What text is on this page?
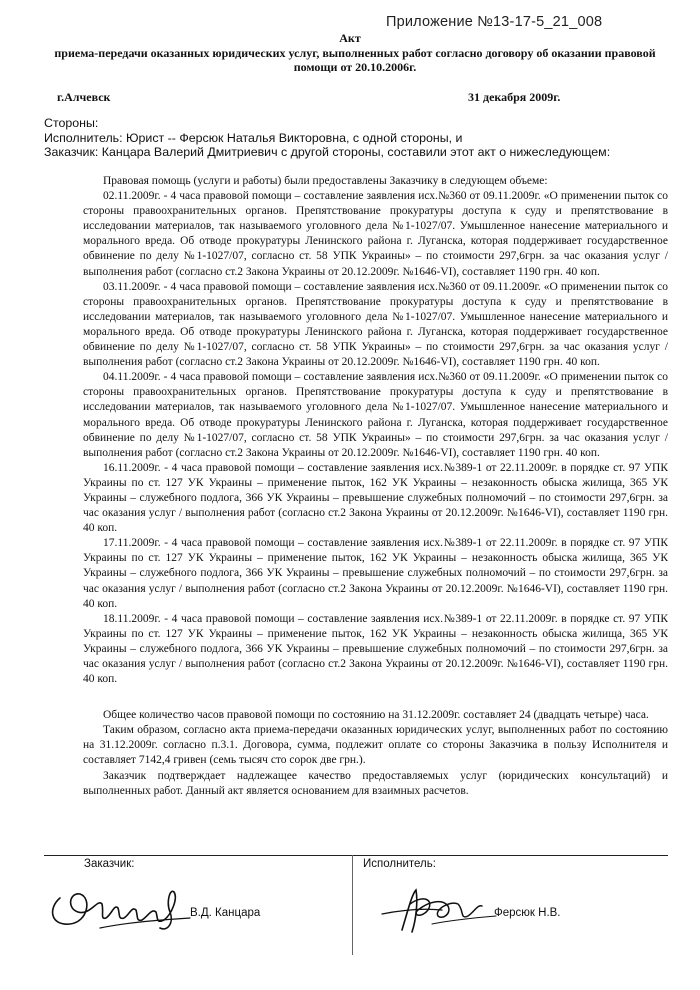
Приложение №13-17-5_21_008
Акт
приема-передачи оказанных юридических услуг, выполненных работ согласно договору об оказании правовой помощи от 20.10.2006г.
г.Алчевск	31 декабря 2009г.
Стороны:
Исполнитель: Юрист -- Ферсюк Наталья Викторовна, с одной стороны, и
Заказчик: Канцара Валерий Дмитриевич с другой стороны, составили этот акт о нижеследующем:

Правовая помощь (услуги и работы) были предоставлены Заказчику в следующем объеме:

02.11.2009г. - 4 часа правовой помощи – составление заявления исх.№360 от 09.11.2009г. «О применении пыток со стороны правоохранительных органов. Препятствование прокуратуры доступа к суду и препятствование в исследовании материалов, так называемого уголовного дела №1-1027/07. Умышленное нанесение материального и морального вреда. Об отводе прокуратуры Ленинского района г. Луганска, которая поддерживает государственное обвинение по делу №1-1027/07, согласно ст. 58 УПК Украины» – по стоимости 297,6грн. за час оказания услуг / выполнения работ (согласно ст.2 Закона Украины от 20.12.2009г. №1646-VI), составляет 1190 грн. 40 коп.

03.11.2009г. - 4 часа правовой помощи – составление заявления исх.№360 от 09.11.2009г. «О применении пыток со стороны правоохранительных органов. Препятствование прокуратуры доступа к суду и препятствование в исследовании материалов, так называемого уголовного дела №1-1027/07. Умышленное нанесение материального и морального вреда. Об отводе прокуратуры Ленинского района г. Луганска, которая поддерживает государственное обвинение по делу №1-1027/07, согласно ст. 58 УПК Украины» – по стоимости 297,6грн. за час оказания услуг / выполнения работ (согласно ст.2 Закона Украины от 20.12.2009г. №1646-VI), составляет 1190 грн. 40 коп.

04.11.2009г. - 4 часа правовой помощи – составление заявления исх.№360 от 09.11.2009г. «О применении пыток со стороны правоохранительных органов. Препятствование прокуратуры доступа к суду и препятствование в исследовании материалов, так называемого уголовного дела №1-1027/07. Умышленное нанесение материального и морального вреда. Об отводе прокуратуры Ленинского района г. Луганска, которая поддерживает государственное обвинение по делу №1-1027/07, согласно ст. 58 УПК Украины» – по стоимости 297,6грн. за час оказания услуг / выполнения работ (согласно ст.2 Закона Украины от 20.12.2009г. №1646-VI), составляет 1190 грн. 40 коп.

16.11.2009г. - 4 часа правовой помощи – составление заявления исх.№389-1 от 22.11.2009г. в порядке ст. 97 УПК Украины по ст. 127 УК Украины – применение пыток, 162 УК Украины – незаконность обыска жилища, 365 УК Украины – служебного подлога, 366 УК Украины – превышение служебных полномочий – по стоимости 297,6грн. за час оказания услуг / выполнения работ (согласно ст.2 Закона Украины от 20.12.2009г. №1646-VI), составляет 1190 грн. 40 коп.

17.11.2009г. - 4 часа правовой помощи – составление заявления исх.№389-1 от 22.11.2009г. в порядке ст. 97 УПК Украины по ст. 127 УК Украины – применение пыток, 162 УК Украины – незаконность обыска жилища, 365 УК Украины – служебного подлога, 366 УК Украины – превышение служебных полномочий – по стоимости 297,6грн. за час оказания услуг / выполнения работ (согласно ст.2 Закона Украины от 20.12.2009г. №1646-VI), составляет 1190 грн. 40 коп.

18.11.2009г. - 4 часа правовой помощи – составление заявления исх.№389-1 от 22.11.2009г. в порядке ст. 97 УПК Украины по ст. 127 УК Украины – применение пыток, 162 УК Украины – незаконность обыска жилища, 365 УК Украины – служебного подлога, 366 УК Украины – превышение служебных полномочий – по стоимости 297,6грн. за час оказания услуг / выполнения работ (согласно ст.2 Закона Украины от 20.12.2009г. №1646-VI), составляет 1190 грн. 40 коп.

Общее количество часов правовой помощи по состоянию на 31.12.2009г. составляет 24 (двадцать четыре) часа.

Таким образом, согласно акта приема-передачи оказанных юридических услуг, выполненных работ по состоянию на 31.12.2009г. согласно п.3.1. Договора, сумма, подлежит оплате со стороны Заказчика в пользу Исполнителя и составляет 7142,4 гривен (семь тысяч сто сорок две грн.).

Заказчик подтверждает надлежащее качество предоставляемых услуг (юридических консультаций) и выполненных работ. Данный акт является основанием для взаимных расчетов.

Заказчик:
В.Д. Канцара
Исполнитель:
Ферсюк Н.В.
